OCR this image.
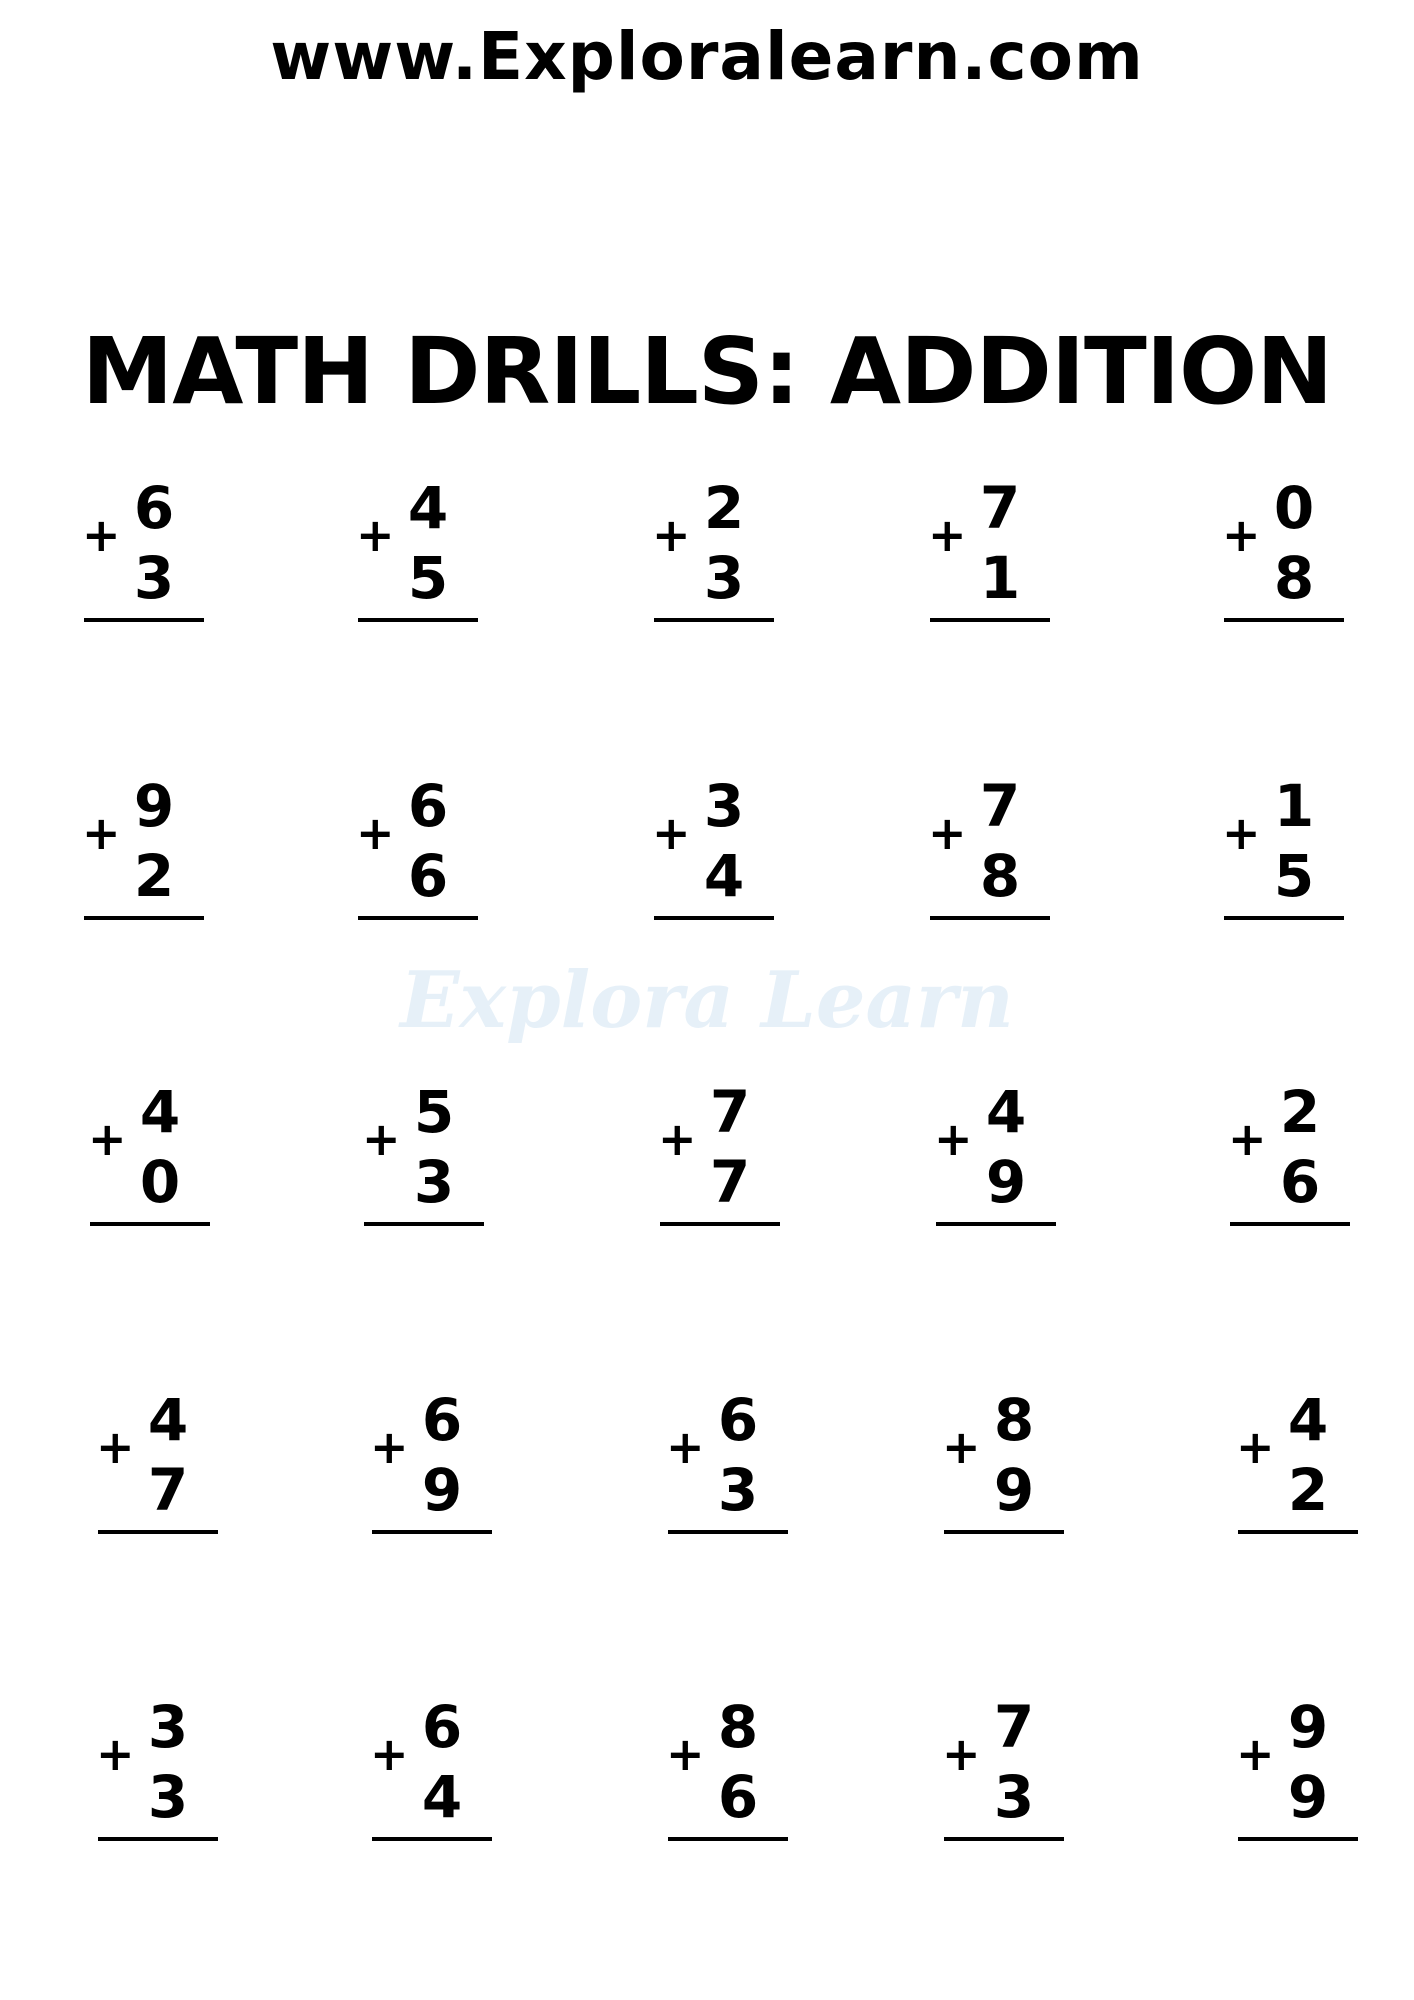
www.Exploralearn.com
MATH DRILLS: ADDITION
Explora Learn
6
+
3
4
+
5
2
+
3
7
+
1
0
+
8
9
+
2
6
+
6
3
+
4
7
+
8
1
+
5
4
+
0
5
+
3
7
+
7
4
+
9
2
+
6
4
+
7
6
+
9
6
+
3
8
+
9
4
+
2
3
+
3
6
+
4
8
+
6
7
+
3
9
+
9
